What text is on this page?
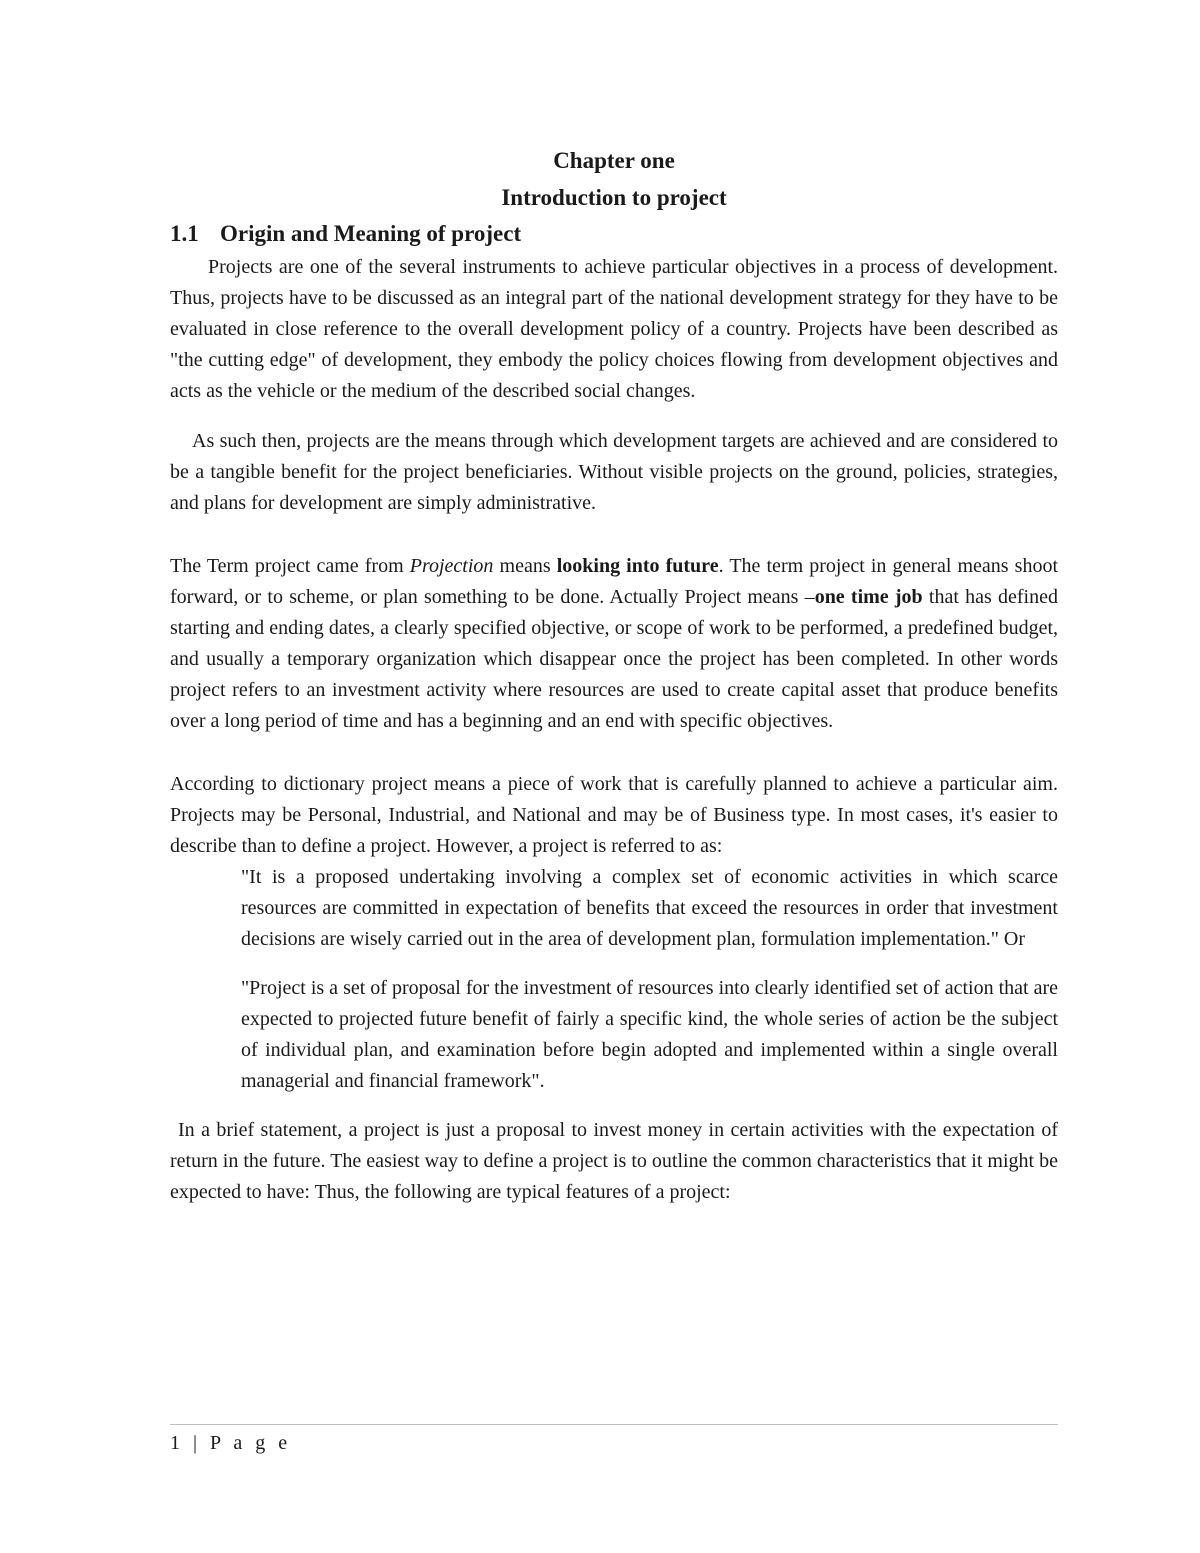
Chapter one
Introduction to project
1.1 Origin and Meaning of project

Projects are one of the several instruments to achieve particular objectives in a process of development. Thus, projects have to be discussed as an integral part of the national development strategy for they have to be evaluated in close reference to the overall development policy of a country. Projects have been described as "the cutting edge" of development, they embody the policy choices flowing from development objectives and acts as the vehicle or the medium of the described social changes.

As such then, projects are the means through which development targets are achieved and are considered to be a tangible benefit for the project beneficiaries. Without visible projects on the ground, policies, strategies, and plans for development are simply administrative.

The Term project came from Projection means looking into future. The term project in general means shoot forward, or to scheme, or plan something to be done. Actually Project means –one time job that has defined starting and ending dates, a clearly specified objective, or scope of work to be performed, a predefined budget, and usually a temporary organization which disappear once the project has been completed. In other words project refers to an investment activity where resources are used to create capital asset that produce benefits over a long period of time and has a beginning and an end with specific objectives.

According to dictionary project means a piece of work that is carefully planned to achieve a particular aim. Projects may be Personal, Industrial, and National and may be of Business type. In most cases, it's easier to describe than to define a project. However, a project is referred to as:

"It is a proposed undertaking involving a complex set of economic activities in which scarce resources are committed in expectation of benefits that exceed the resources in order that investment decisions are wisely carried out in the area of development plan, formulation implementation." Or

"Project is a set of proposal for the investment of resources into clearly identified set of action that are expected to projected future benefit of fairly a specific kind, the whole series of action be the subject of individual plan, and examination before begin adopted and implemented within a single overall managerial and financial framework".

In a brief statement, a project is just a proposal to invest money in certain activities with the expectation of return in the future. The easiest way to define a project is to outline the common characteristics that it might be expected to have: Thus, the following are typical features of a project:

1 | P a g e
